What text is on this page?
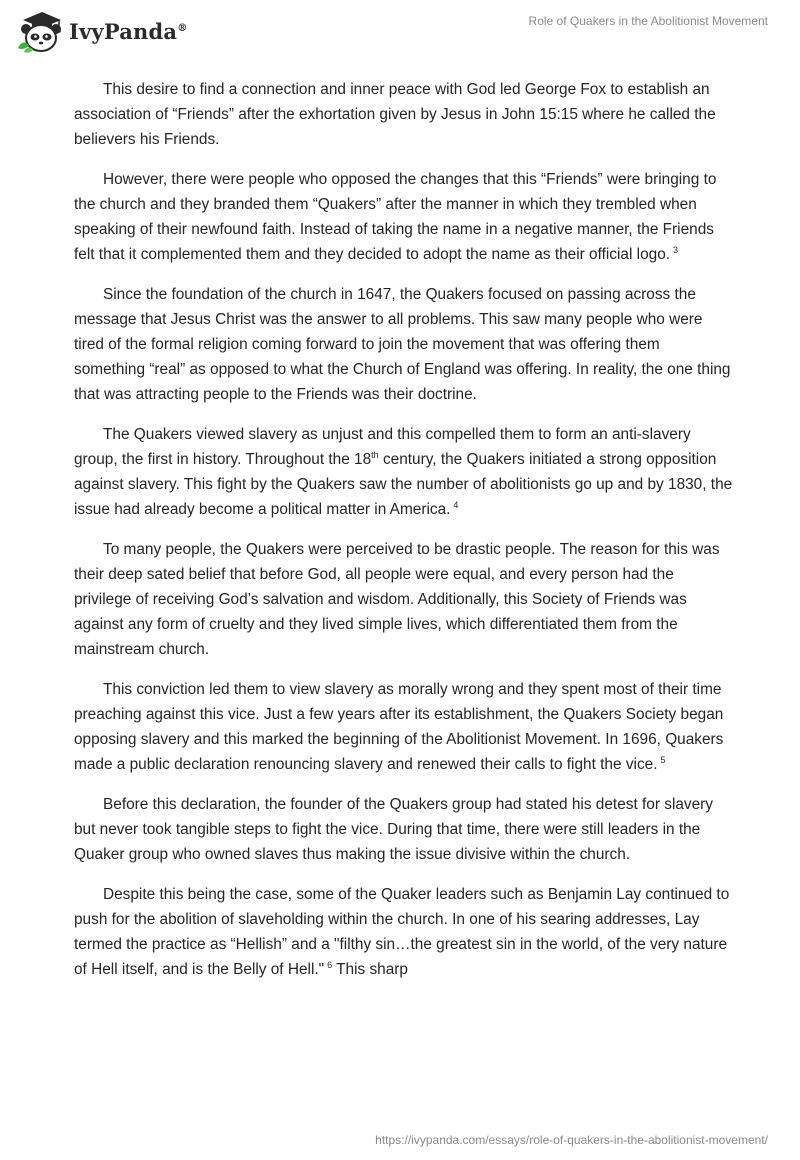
IvyPanda®	Role of Quakers in the Abolitionist Movement

This desire to find a connection and inner peace with God led George Fox to establish an association of “Friends” after the exhortation given by Jesus in John 15:15 where he called the believers his Friends.

However, there were people who opposed the changes that this “Friends” were bringing to the church and they branded them “Quakers” after the manner in which they trembled when speaking of their newfound faith. Instead of taking the name in a negative manner, the Friends felt that it complemented them and they decided to adopt the name as their official logo. $^3$

Since the foundation of the church in 1647, the Quakers focused on passing across the message that Jesus Christ was the answer to all problems. This saw many people who were tired of the formal religion coming forward to join the movement that was offering them something “real” as opposed to what the Church of England was offering. In reality, the one thing that was attracting people to the Friends was their doctrine.

The Quakers viewed slavery as unjust and this compelled them to form an anti-slavery group, the first in history. Throughout the 18th century, the Quakers initiated a strong opposition against slavery. This fight by the Quakers saw the number of abolitionists go up and by 1830, the issue had already become a political matter in America. $^4$

To many people, the Quakers were perceived to be drastic people. The reason for this was their deep sated belief that before God, all people were equal, and every person had the privilege of receiving God’s salvation and wisdom. Additionally, this Society of Friends was against any form of cruelty and they lived simple lives, which differentiated them from the mainstream church.

This conviction led them to view slavery as morally wrong and they spent most of their time preaching against this vice. Just a few years after its establishment, the Quakers Society began opposing slavery and this marked the beginning of the Abolitionist Movement. In 1696, Quakers made a public declaration renouncing slavery and renewed their calls to fight the vice. $^5$

Before this declaration, the founder of the Quakers group had stated his detest for slavery but never took tangible steps to fight the vice. During that time, there were still leaders in the Quaker group who owned slaves thus making the issue divisive within the church.

Despite this being the case, some of the Quaker leaders such as Benjamin Lay continued to push for the abolition of slaveholding within the church. In one of his searing addresses, Lay termed the practice as “Hellish” and a "filthy sin…the greatest sin in the world, of the very nature of Hell itself, and is the Belly of Hell." $^6$ This sharp

https://ivypanda.com/essays/role-of-quakers-in-the-abolitionist-movement/
